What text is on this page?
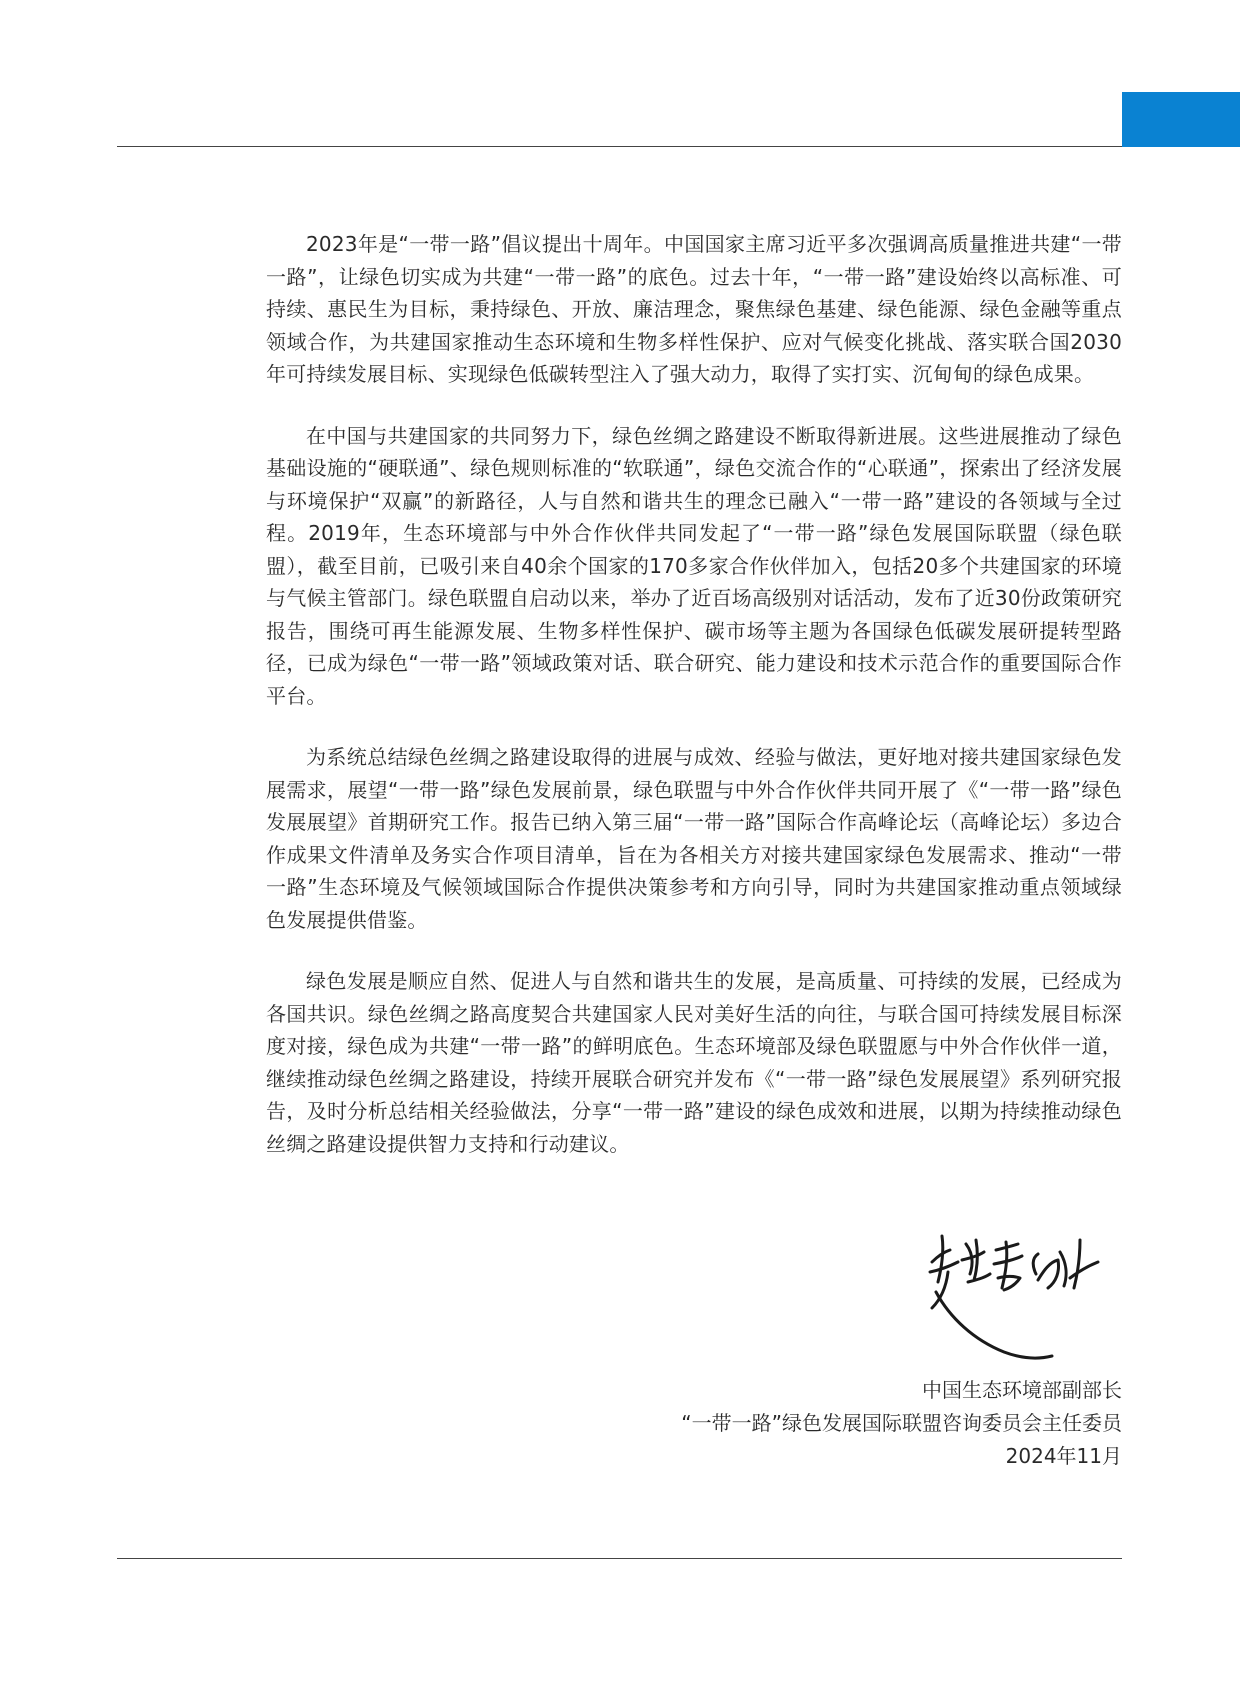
2023年是“一带一路”倡议提出十周年。中国国家主席习近平多次强调高质量推进共建“一带一路”，让绿色切实成为共建“一带一路”的底色。过去十年，“一带一路”建设始终以高标准、可持续、惠民生为目标，秉持绿色、开放、廉洁理念，聚焦绿色基建、绿色能源、绿色金融等重点领域合作，为共建国家推动生态环境和生物多样性保护、应对气候变化挑战、落实联合国2030年可持续发展目标、实现绿色低碳转型注入了强大动力，取得了实打实、沉甸甸的绿色成果。

在中国与共建国家的共同努力下，绿色丝绸之路建设不断取得新进展。这些进展推动了绿色基础设施的“硬联通”、绿色规则标准的“软联通”，绿色交流合作的“心联通”，探索出了经济发展与环境保护“双赢”的新路径，人与自然和谐共生的理念已融入“一带一路”建设的各领域与全过程。2019年，生态环境部与中外合作伙伴共同发起了“一带一路”绿色发展国际联盟（绿色联盟），截至目前，已吸引来自40余个国家的170多家合作伙伴加入，包括20多个共建国家的环境与气候主管部门。绿色联盟自启动以来，举办了近百场高级别对话活动，发布了近30份政策研究报告，围绕可再生能源发展、生物多样性保护、碳市场等主题为各国绿色低碳发展研提转型路径，已成为绿色“一带一路”领域政策对话、联合研究、能力建设和技术示范合作的重要国际合作平台。

为系统总结绿色丝绸之路建设取得的进展与成效、经验与做法，更好地对接共建国家绿色发展需求，展望“一带一路”绿色发展前景，绿色联盟与中外合作伙伴共同开展了《“一带一路”绿色发展展望》首期研究工作。报告已纳入第三届“一带一路”国际合作高峰论坛（高峰论坛）多边合作成果文件清单及务实合作项目清单，旨在为各相关方对接共建国家绿色发展需求、推动“一带一路”生态环境及气候领域国际合作提供决策参考和方向引导，同时为共建国家推动重点领域绿色发展提供借鉴。

绿色发展是顺应自然、促进人与自然和谐共生的发展，是高质量、可持续的发展，已经成为各国共识。绿色丝绸之路高度契合共建国家人民对美好生活的向往，与联合国可持续发展目标深度对接，绿色成为共建“一带一路”的鲜明底色。生态环境部及绿色联盟愿与中外合作伙伴一道，继续推动绿色丝绸之路建设，持续开展联合研究并发布《“一带一路”绿色发展展望》系列研究报告，及时分析总结相关经验做法，分享“一带一路”建设的绿色成效和进展，以期为持续推动绿色丝绸之路建设提供智力支持和行动建议。

中国生态环境部副部长
“一带一路”绿色发展国际联盟咨询委员会主任委员
2024年11月
